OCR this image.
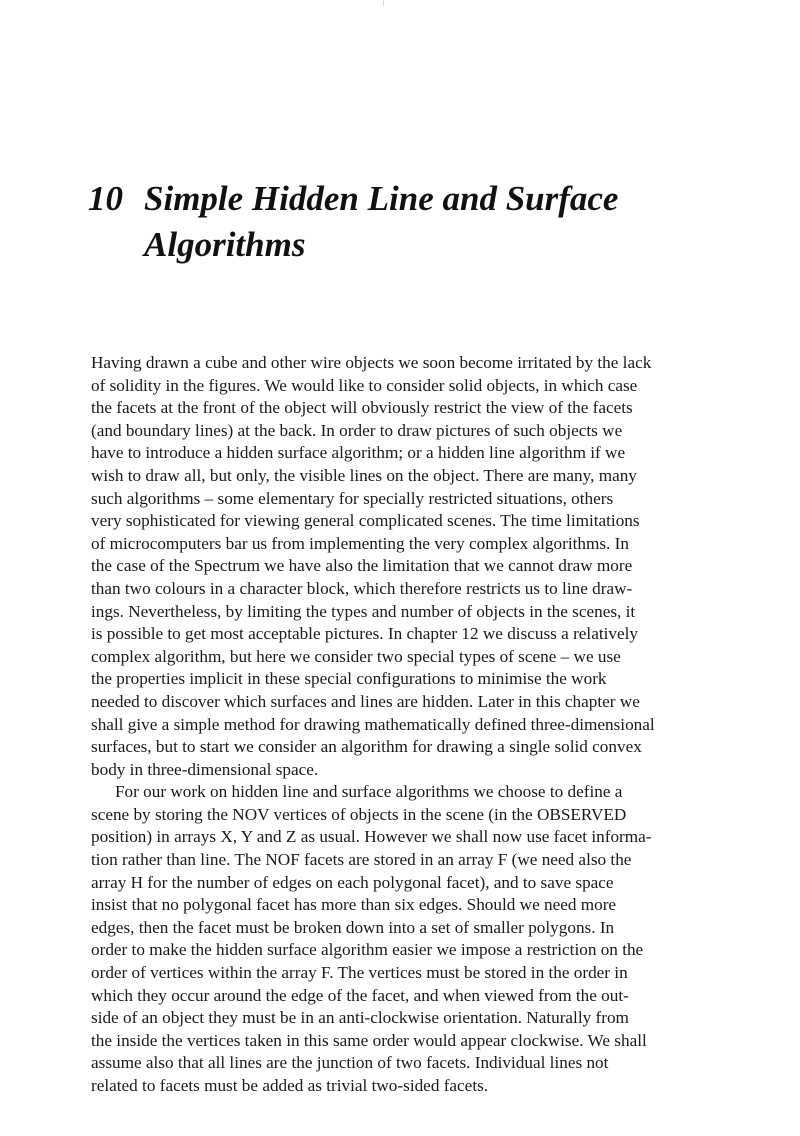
10 Simple Hidden Line and Surface
Algorithms
Having drawn a cube and other wire objects we soon become irritated by the lack
of solidity in the figures. We would like to consider solid objects, in which case
the facets at the front of the object will obviously restrict the view of the facets
(and boundary lines) at the back. In order to draw pictures of such objects we
have to introduce a hidden surface algorithm; or a hidden line algorithm if we
wish to draw all, but only, the visible lines on the object. There are many, many
such algorithms – some elementary for specially restricted situations, others
very sophisticated for viewing general complicated scenes. The time limitations
of microcomputers bar us from implementing the very complex algorithms. In
the case of the Spectrum we have also the limitation that we cannot draw more
than two colours in a character block, which therefore restricts us to line draw-
ings. Nevertheless, by limiting the types and number of objects in the scenes, it
is possible to get most acceptable pictures. In chapter 12 we discuss a relatively
complex algorithm, but here we consider two special types of scene – we use
the properties implicit in these special configurations to minimise the work
needed to discover which surfaces and lines are hidden. Later in this chapter we
shall give a simple method for drawing mathematically defined three-dimensional
surfaces, but to start we consider an algorithm for drawing a single solid convex
body in three-dimensional space.
For our work on hidden line and surface algorithms we choose to define a
scene by storing the NOV vertices of objects in the scene (in the OBSERVED
position) in arrays X, Y and Z as usual. However we shall now use facet informa-
tion rather than line. The NOF facets are stored in an array F (we need also the
array H for the number of edges on each polygonal facet), and to save space
insist that no polygonal facet has more than six edges. Should we need more
edges, then the facet must be broken down into a set of smaller polygons. In
order to make the hidden surface algorithm easier we impose a restriction on the
order of vertices within the array F. The vertices must be stored in the order in
which they occur around the edge of the facet, and when viewed from the out-
side of an object they must be in an anti-clockwise orientation. Naturally from
the inside the vertices taken in this same order would appear clockwise. We shall
assume also that all lines are the junction of two facets. Individual lines not
related to facets must be added as trivial two-sided facets.
